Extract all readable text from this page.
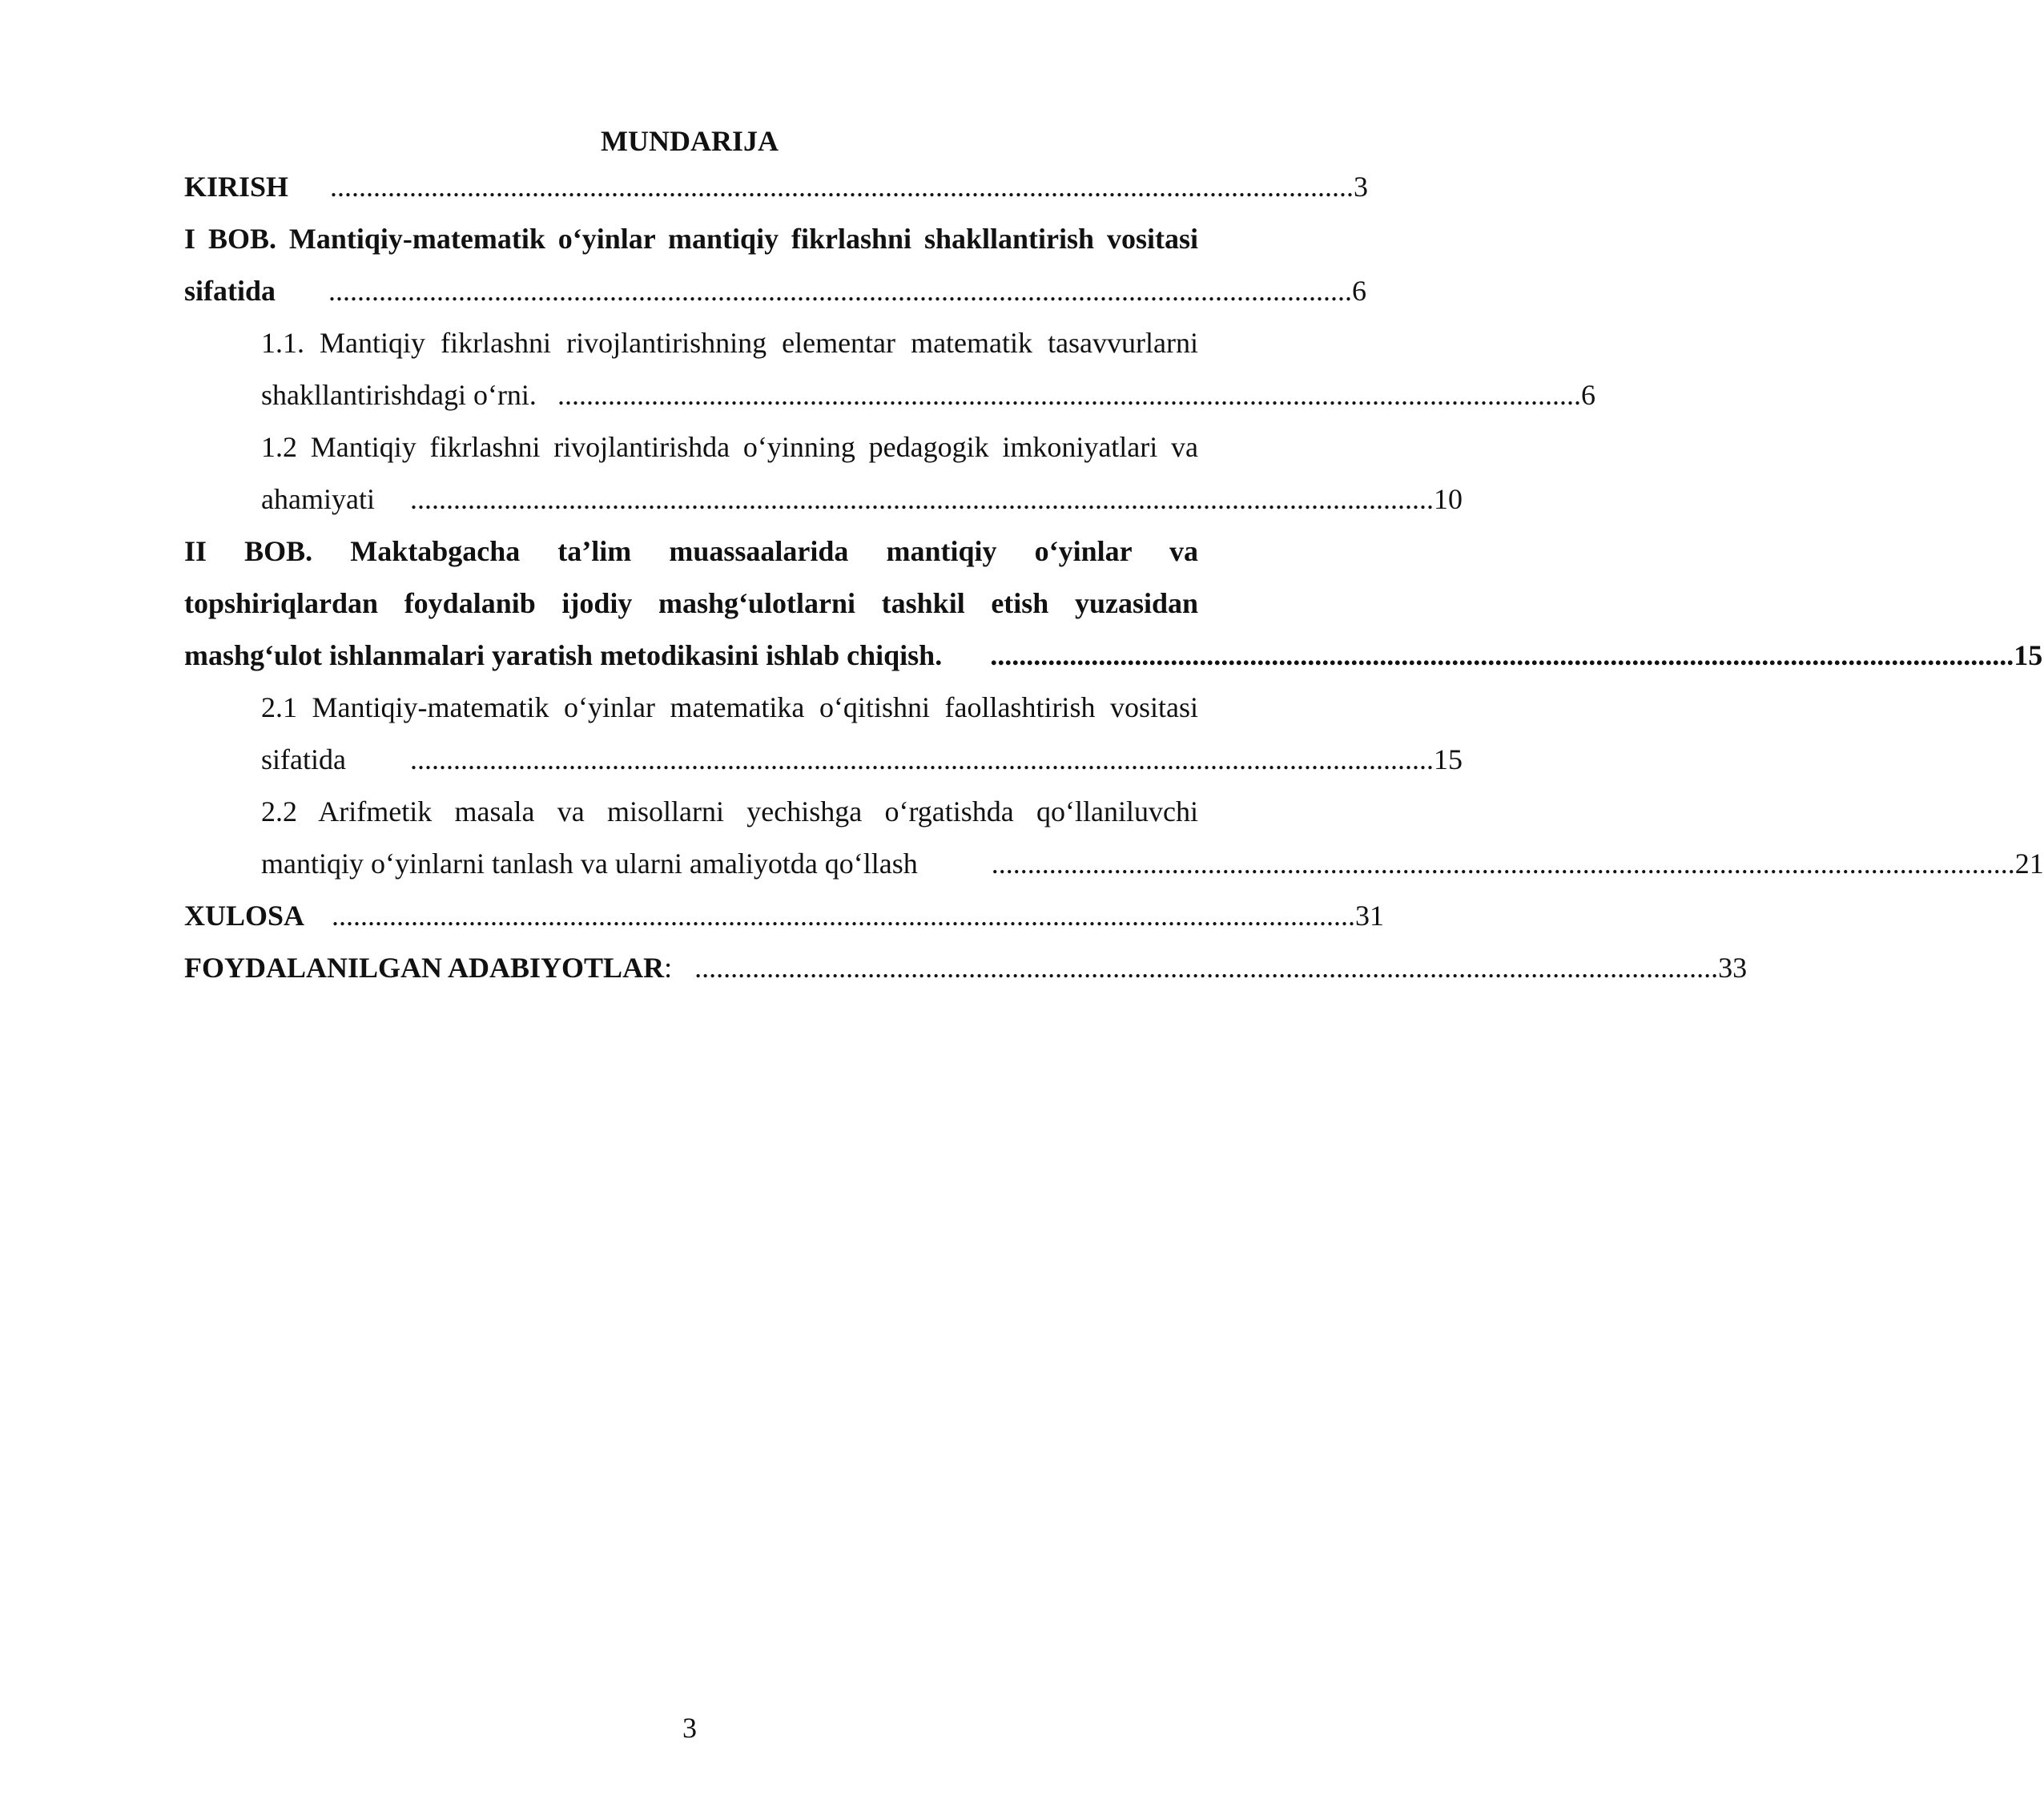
MUNDARIJA
KIRISH .............................................................................................................................................. 3
I BOB. Mantiqiy-matematik o‘yinlar mantiqiy fikrlashni shakllantirish vositasi
sifatida .............................................................................................................................................. 6
1.1. Mantiqiy fikrlashni rivojlantirishning elementar matematik tasavvurlarni
shakllantirishdagi o‘rni. .............................................................................................................................................. 6
1.2 Mantiqiy fikrlashni rivojlantirishda o‘yinning pedagogik imkoniyatlari va
ahamiyati .............................................................................................................................................. 10
II BOB. Maktabgacha ta’lim muassaalarida mantiqiy o‘yinlar va
topshiriqlardan foydalanib ijodiy mashg‘ulotlarni tashkil etish yuzasidan
mashg‘ulot ishlanmalari yaratish metodikasini ishlab chiqish. .............................................................................................................................................. 15
2.1 Mantiqiy-matematik o‘yinlar matematika o‘qitishni faollashtirish vositasi
sifatida .............................................................................................................................................. 15
2.2 Arifmetik masala va misollarni yechishga o‘rgatishda qo‘llaniluvchi
mantiqiy o‘yinlarni tanlash va ularni amaliyotda qo‘llash	.............................................................................................................................................. 21
XULOSA .............................................................................................................................................. 31
FOYDALANILGAN ADABIYOTLAR : .............................................................................................................................................. 33
3
